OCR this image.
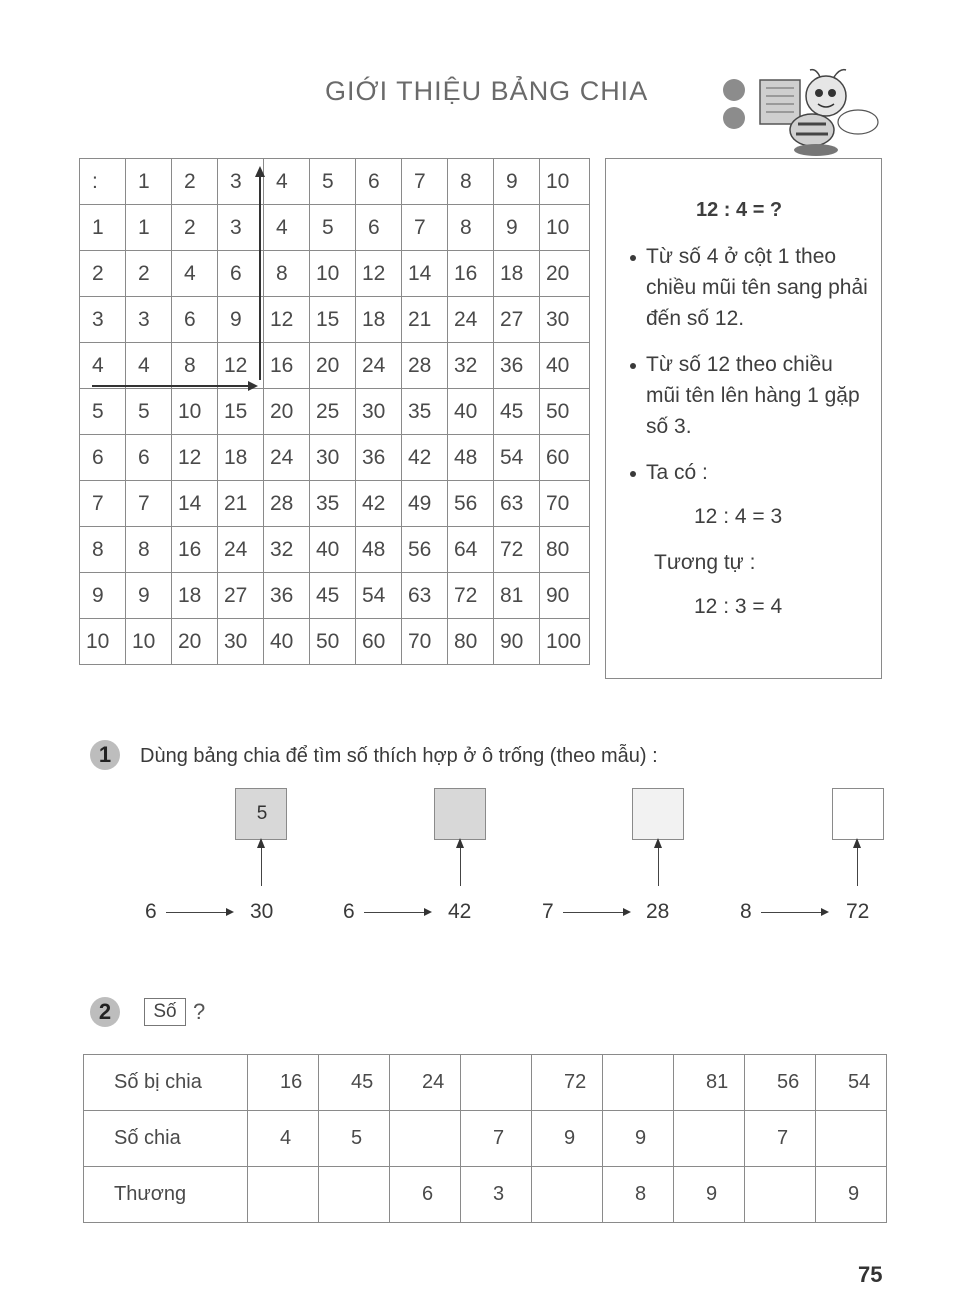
GIỚI THIỆU BẢNG CHIA
:	1	2	3	4	5	6	7	8	9	10
1	1	2	3	4	5	6	7	8	9	10
2	2	4	6	8	10	12	14	16	18	20
3	3	6	9	12	15	18	21	24	27	30
4	4	8	12	16	20	24	28	32	36	40
5	5	10	15	20	25	30	35	40	45	50
6	6	12	18	24	30	36	42	48	54	60
7	7	14	21	28	35	42	49	56	63	70
8	8	16	24	32	40	48	56	64	72	80
9	9	18	27	36	45	54	63	72	81	90
10	10	20	30	40	50	60	70	80	90	100
12 : 4 = ?
Từ số 4 ở cột 1 theo chiều mũi tên sang phải đến số 12.
Từ số 12 theo chiều mũi tên lên hàng 1 gặp số 3.
Ta có :
12 : 4 = 3
Tương tự :
12 : 3 = 4
1	Dùng bảng chia để tìm số thích hợp ở ô trống (theo mẫu) :
5
6	30	6	42	7	28	8	72
2	Số ?
Số bị chia	16	45	24		72		81	56	54
Số chia	4	5		7	9	9		7	
Thương			6	3		8	9		9
75
